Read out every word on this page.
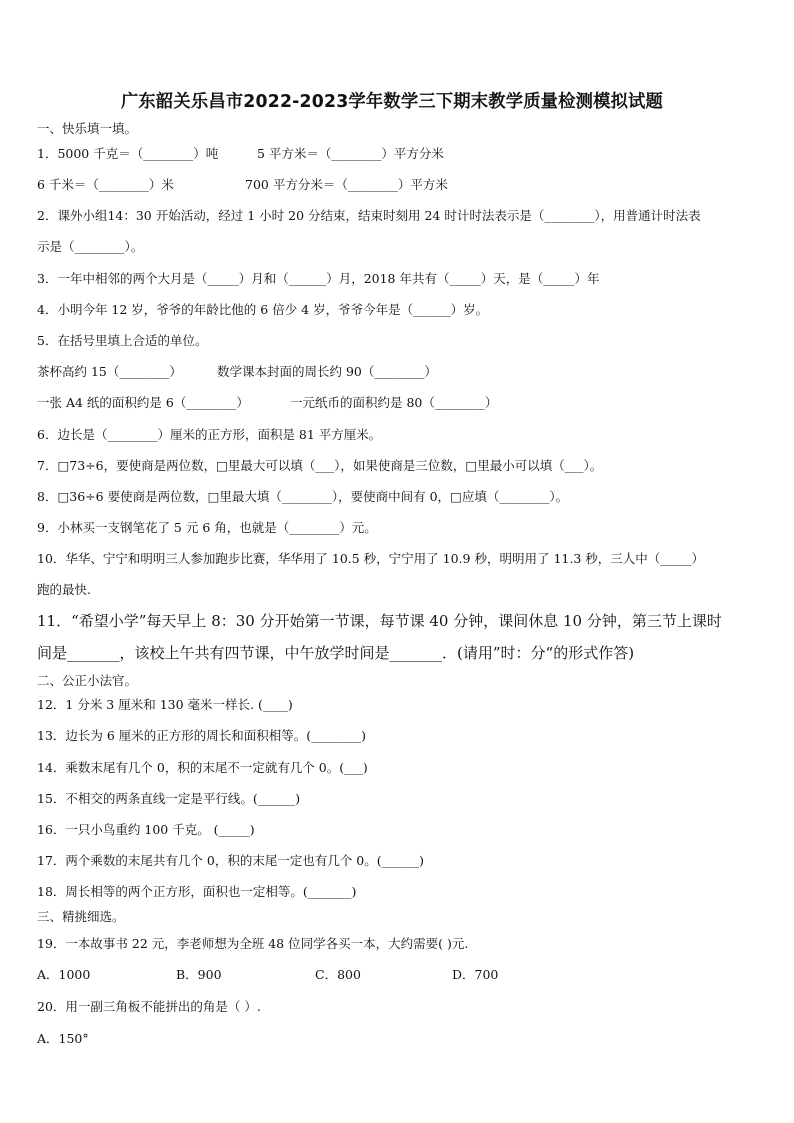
广东韶关乐昌市2022-2023学年数学三下期末教学质量检测模拟试题
一、快乐填一填。
1．5000 千克＝（________）吨	5 平方米＝（________）平方分米
6 千米＝（________）米	700 平方分米＝（________）平方米
2．课外小组14：30 开始活动，经过 1 小时 20 分结束，结束时刻用 24 时计时法表示是（________），用普通计时法表
示是（________）。
3．一年中相邻的两个大月是（_____）月和（______）月，2018 年共有（_____）天，是（_____）年
4．小明今年 12 岁，爷爷的年龄比他的 6 倍少 4 岁，爷爷今年是（______）岁。
5．在括号里填上合适的单位。
茶杯高约 15（________）	数学课本封面的周长约 90（________）
一张 A4 纸的面积约是 6（________）	一元纸币的面积约是 80（________）
6．边长是（________）厘米的正方形，面积是 81 平方厘米。
7．□73÷6，要使商是两位数，□里最大可以填（___），如果使商是三位数，□里最小可以填（___）。
8．□36÷6 要使商是两位数，□里最大填（________），要使商中间有 0，□应填（________）。
9．小林买一支钢笔花了 5 元 6 角，也就是（________）元。
10．华华、宁宁和明明三人参加跑步比赛，华华用了 10.5 秒，宁宁用了 10.9 秒，明明用了 11.3 秒，三人中（_____）
跑的最快.
11．“希望小学”每天早上 8：30 分开始第一节课，每节课 40 分钟，课间休息 10 分钟，第三节上课时
间是_______，该校上午共有四节课，中午放学时间是_______．(请用”时：分“的形式作答)
二、公正小法官。
12．1 分米 3 厘米和 130 毫米一样长. (____)
13．边长为 6 厘米的正方形的周长和面积相等。(________)
14．乘数末尾有几个 0，积的末尾不一定就有几个 0。(___)
15．不相交的两条直线一定是平行线。(______)
16．一只小鸟重约 100 千克。 (_____)
17．两个乘数的末尾共有几个 0，积的末尾一定也有几个 0。(______)
18．周长相等的两个正方形，面积也一定相等。(_______)
三、精挑细选。
19．一本故事书 22 元，李老师想为全班 48 位同学各买一本，大约需要( )元.
A．1000	B．900	C．800	D．700
20．用一副三角板不能拼出的角是（ ）.
A．150°
